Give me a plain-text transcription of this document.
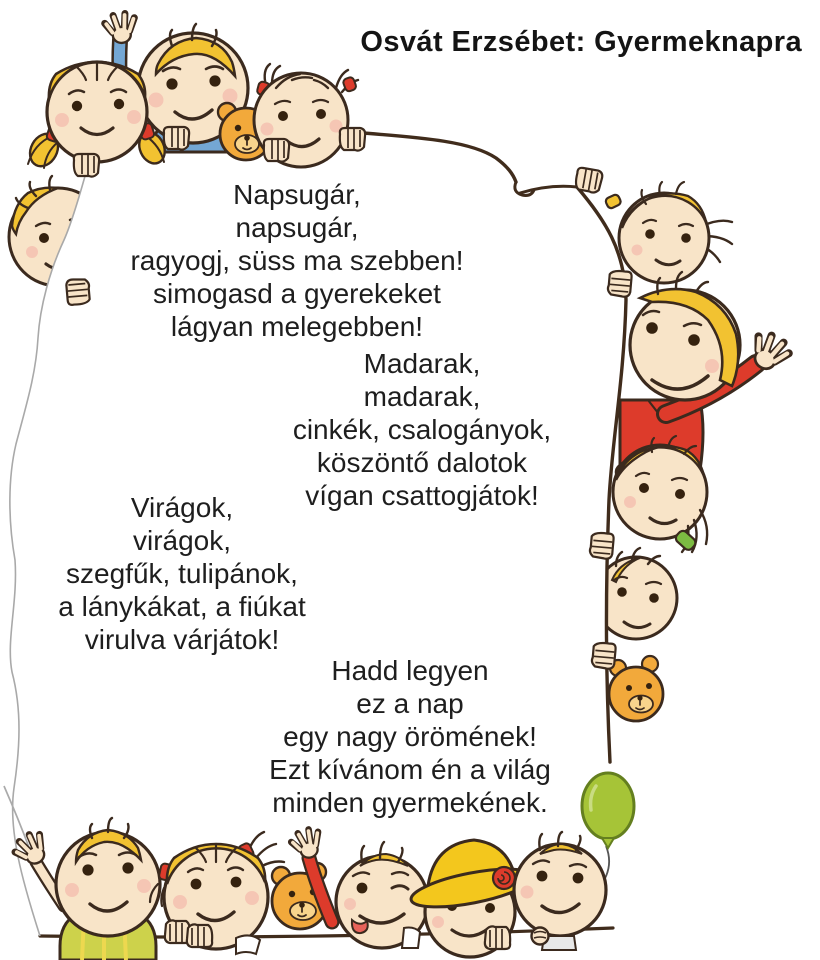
Osvát Erzsébet: Gyermeknapra
Napsugár,
napsugár,
ragyogj, süss ma szebben!
simogasd a gyerekeket
lágyan melegebben!
Madarak,
madarak,
cinkék, csalogányok,
köszöntő dalotok
vígan csattogjátok!
Virágok,
virágok,
szegfűk, tulipánok,
a lánykákat, a fiúkat
virulva várjátok!
Hadd legyen
ez a nap
egy nagy örömének!
Ezt kívánom én a világ
minden gyermekének.
